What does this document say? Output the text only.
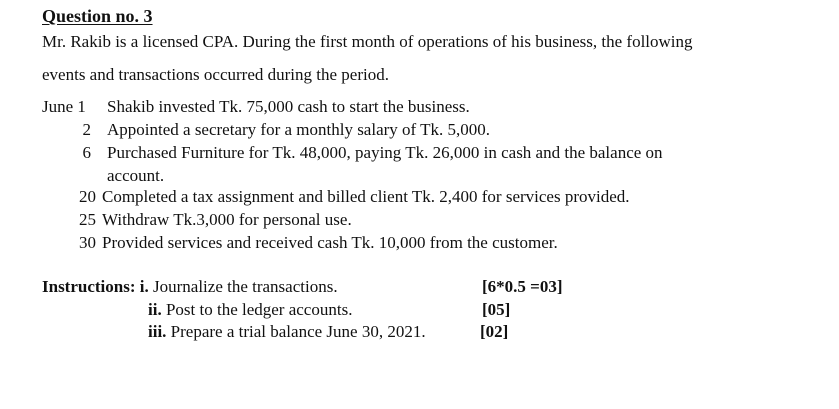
Question no. 3
Mr. Rakib is a licensed CPA. During the first month of operations of his business, the following
events and transactions occurred during the period.
June 1 Shakib invested Tk. 75,000 cash to start the business.
2 Appointed a secretary for a monthly salary of Tk. 5,000.
6 Purchased Furniture for Tk. 48,000, paying Tk. 26,000 in cash and the balance on
account.
20 Completed a tax assignment and billed client Tk. 2,400 for services provided.
25 Withdraw Tk.3,000 for personal use.
30 Provided services and received cash Tk. 10,000 from the customer.
Instructions: i. Journalize the transactions.	[6*0.5 =03]
ii. Post to the ledger accounts.	[05]
iii. Prepare a trial balance June 30, 2021.	[02]
